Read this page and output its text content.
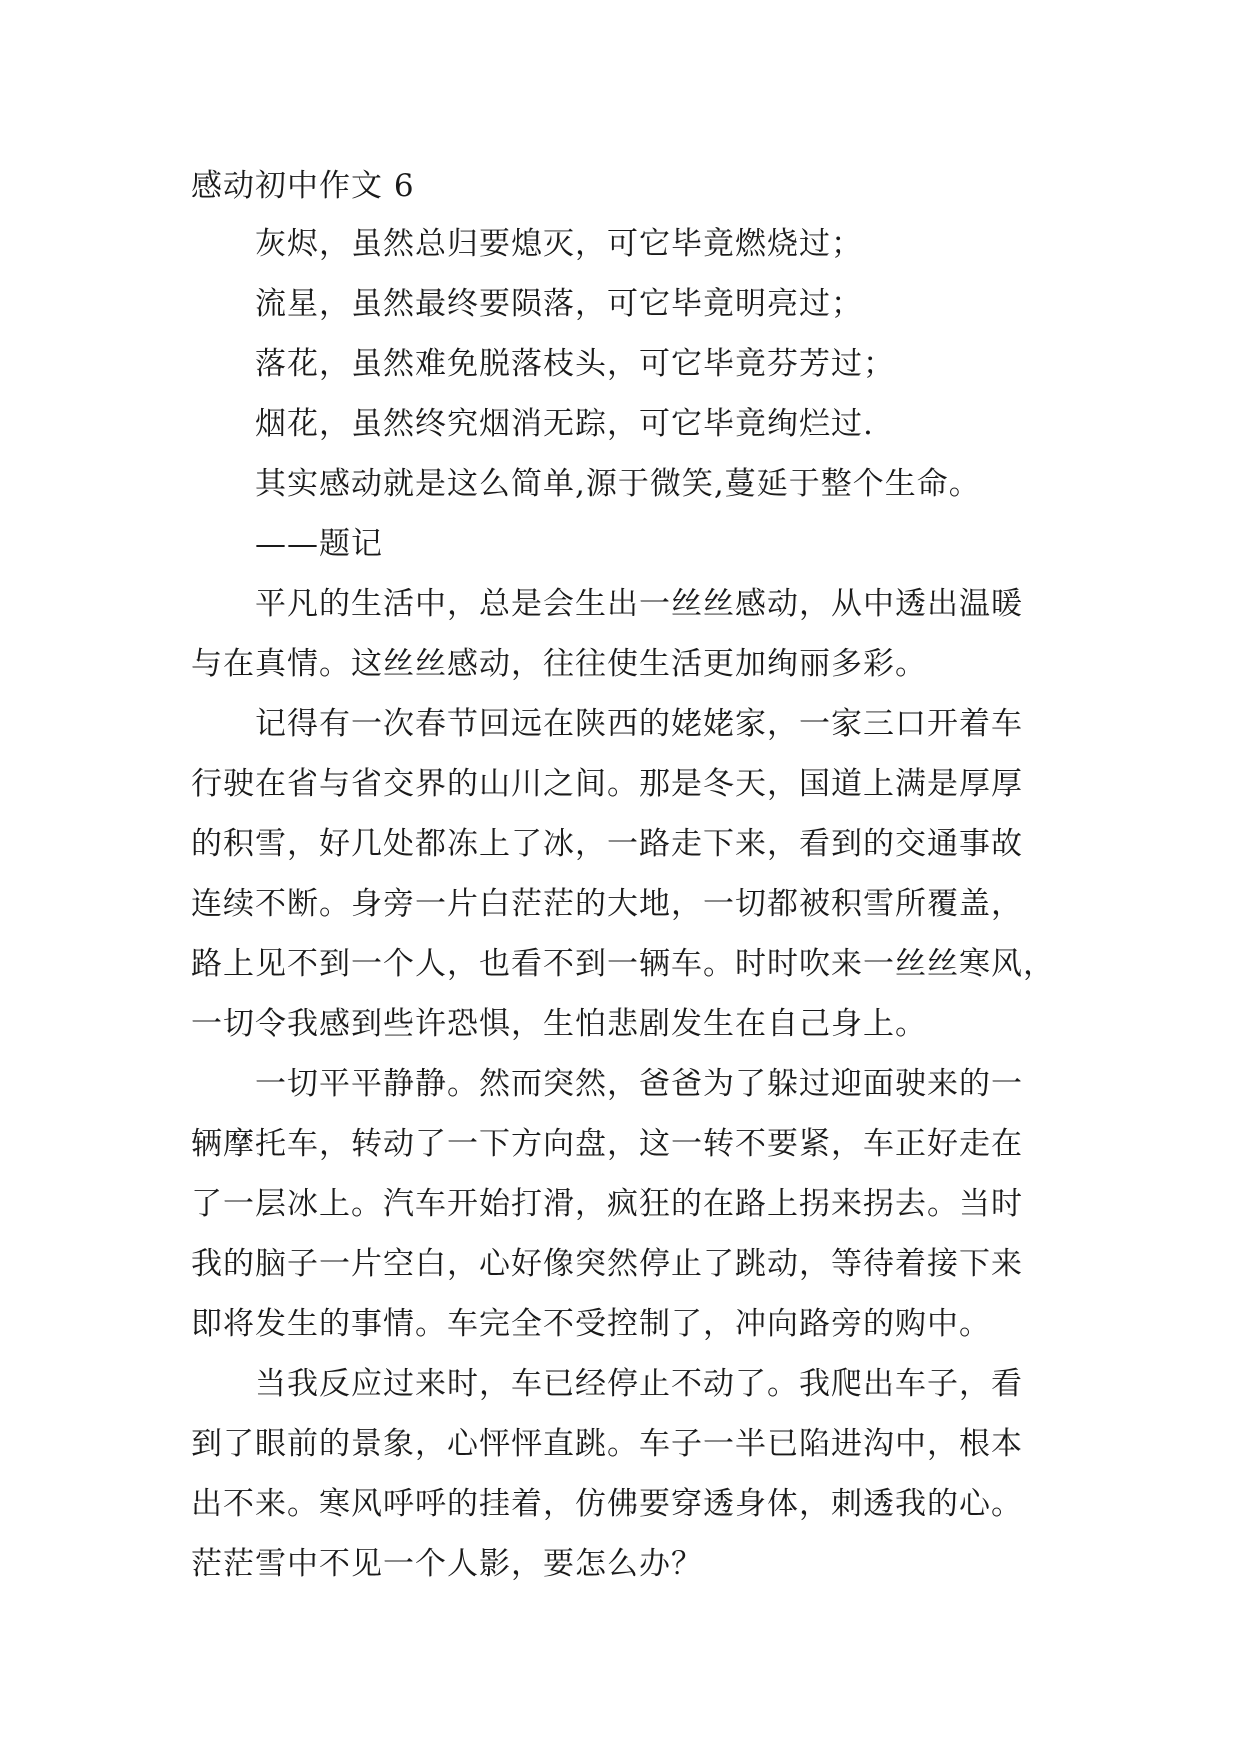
感动初中作文 6
灰烬，虽然总归要熄灭，可它毕竟燃烧过；
流星，虽然最终要陨落，可它毕竟明亮过；
落花，虽然难免脱落枝头，可它毕竟芬芳过；
烟花，虽然终究烟消无踪，可它毕竟绚烂过.
其实感动就是这么简单,源于微笑,蔓延于整个生命。
——题记
平凡的生活中，总是会生出一丝丝感动，从中透出温暖
与在真情。这丝丝感动，往往使生活更加绚丽多彩。
记得有一次春节回远在陕西的姥姥家，一家三口开着车
行驶在省与省交界的山川之间。那是冬天，国道上满是厚厚
的积雪，好几处都冻上了冰，一路走下来，看到的交通事故
连续不断。身旁一片白茫茫的大地，一切都被积雪所覆盖，
路上见不到一个人，也看不到一辆车。时时吹来一丝丝寒风，
一切令我感到些许恐惧，生怕悲剧发生在自己身上。
一切平平静静。然而突然，爸爸为了躲过迎面驶来的一
辆摩托车，转动了一下方向盘，这一转不要紧，车正好走在
了一层冰上。汽车开始打滑，疯狂的在路上拐来拐去。当时
我的脑子一片空白，心好像突然停止了跳动，等待着接下来
即将发生的事情。车完全不受控制了，冲向路旁的购中。
当我反应过来时，车已经停止不动了。我爬出车子，看
到了眼前的景象，心怦怦直跳。车子一半已陷进沟中，根本
出不来。寒风呼呼的挂着，仿佛要穿透身体，刺透我的心。
茫茫雪中不见一个人影，要怎么办？
